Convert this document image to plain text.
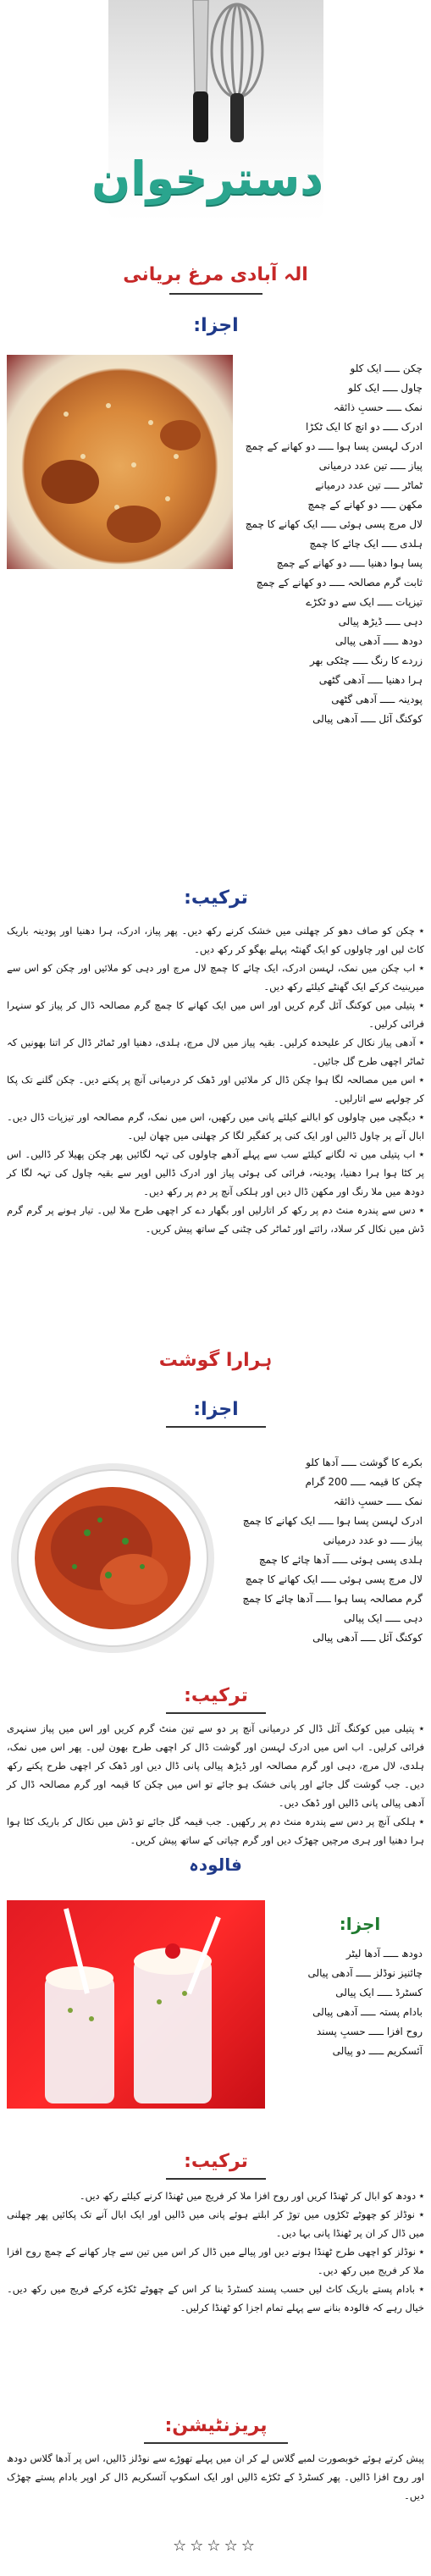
دسترخوان
الہ آبادی مرغ بریانی
اجزا:
چکن ـــــ ایک کلو
چاول ـــــ ایک کلو
نمک ـــــ حسبِ ذائقہ
ادرک ـــــ دو انچ کا ایک ٹکڑا
ادرک لہسن پسا ہوا ـــــ دو کھانے کے چمچ
پیاز ـــــ تین عدد درمیانی
ٹماٹر ـــــ تین عدد درمیانے
مکھن ـــــ دو کھانے کے چمچ
لال مرچ پسی ہوئی ـــــ ایک کھانے کا چمچ
ہلدی ـــــ ایک چائے کا چمچ
پسا ہوا دھنیا ـــــ دو کھانے کے چمچ
ثابت گرم مصالحہ ـــــ دو کھانے کے چمچ
تیزپات ـــــ ایک سے دو ٹکڑے
دہی ـــــ ڈیڑھ پیالی
دودھ ـــــ آدھی پیالی
زردے کا رنگ ـــــ چٹکی بھر
ہرا دھنیا ـــــ آدھی گٹھی
پودینہ ـــــ آدھی گٹھی
کوکنگ آئل ـــــ آدھی پیالی
ترکیب:

٭ چکن کو صاف دھو کر چھلنی میں خشک کرنے رکھ دیں۔ پھر پیاز، ادرک، ہرا دھنیا اور پودینہ باریک کاٹ لیں اور چاولوں کو ایک گھنٹہ پہلے بھگو کر رکھ دیں۔

٭ اب چکن میں نمک، لہسن ادرک، ایک چائے کا چمچ لال مرچ اور دہی کو ملائیں اور چکن کو اس سے میرینیٹ کرکے ایک گھنٹے کیلئے رکھ دیں۔

٭ پتیلی میں کوکنگ آئل گرم کریں اور اس میں ایک کھانے کا چمچ گرم مصالحہ ڈال کر پیاز کو سنہرا فرائی کرلیں۔

٭ آدھی پیاز نکال کر علیحدہ کرلیں۔ بقیہ پیاز میں لال مرچ، ہلدی، دھنیا اور ٹماٹر ڈال کر اتنا بھونیں کہ ٹماٹر اچھی طرح گل جائیں۔

٭ اس میں مصالحہ لگا ہوا چکن ڈال کر ملائیں اور ڈھک کر درمیانی آنچ پر پکنے دیں۔ چکن گلنے تک پکا کر چولہے سے اتارلیں۔

٭ دیگچی میں چاولوں کو ابالنے کیلئے پانی میں رکھیں، اس میں نمک، گرم مصالحہ اور تیزپات ڈال دیں۔ ابال آنے پر چاول ڈالیں اور ایک کنی پر کفگیر لگا کر چھلنی میں چھان لیں۔

٭ اب پتیلی میں تہ لگانے کیلئے سب سے پہلے آدھے چاولوں کی تہہ لگائیں پھر چکن پھیلا کر ڈالیں۔ اس پر کٹا ہوا ہرا دھنیا، پودینہ، فرائی کی ہوئی پیاز اور ادرک ڈالیں اوپر سے بقیہ چاول کی تہہ لگا کر دودھ میں ملا رنگ اور مکھن ڈال دیں اور ہلکی آنچ پر دم پر رکھ دیں۔

٭ دس سے پندرہ منٹ دم پر رکھ کر اتارلیں اور بگھار دے کر اچھی طرح ملا لیں۔ تیار ہونے پر گرم گرم ڈش میں نکال کر سلاد، رائتے اور ٹماٹر کی چٹنی کے ساتھ پیش کریں۔

ہرارا گوشت
اجزا:
بکرے کا گوشت ـــــ آدھا کلو
چکن کا قیمہ ـــــ 200 گرام
نمک ـــــ حسبِ ذائقہ
ادرک لہسن پسا ہوا ـــــ ایک کھانے کا چمچ
پیاز ـــــ دو عدد درمیانی
ہلدی پسی ہوئی ـــــ آدھا چائے کا چمچ
لال مرچ پسی ہوئی ـــــ ایک کھانے کا چمچ
گرم مصالحہ پسا ہوا ـــــ آدھا چائے کا چمچ
دہی ـــــ ایک پیالی
کوکنگ آئل ـــــ آدھی پیالی
ترکیب:

٭ پتیلی میں کوکنگ آئل ڈال کر درمیانی آنچ پر دو سے تین منٹ گرم کریں اور اس میں پیاز سنہری فرائی کرلیں۔ اب اس میں ادرک لہسن اور گوشت ڈال کر اچھی طرح بھون لیں۔ پھر اس میں نمک، ہلدی، لال مرچ، دہی اور گرم مصالحہ اور ڈیڑھ پیالی پانی ڈال دیں اور ڈھک کر اچھی طرح پکنے رکھ دیں۔ جب گوشت گل جائے اور پانی خشک ہو جائے تو اس میں چکن کا قیمہ اور گرم مصالحہ ڈال کر آدھی پیالی پانی ڈالیں اور ڈھک دیں۔

٭ ہلکی آنچ پر دس سے پندرہ منٹ دم پر رکھیں۔ جب قیمہ گل جائے تو ڈش میں نکال کر باریک کٹا ہوا ہرا دھنیا اور ہری مرچیں چھڑک دیں اور گرم چپاتی کے ساتھ پیش کریں۔

فالودہ
اجزا:
دودھ ـــــ آدھا لیٹر
چائنیز نوڈلز ـــــ آدھی پیالی
کسٹرڈ ـــــ ایک پیالی
بادام پستہ ـــــ آدھی پیالی
روح افزا ـــــ حسبِ پسند
آئسکریم ـــــ دو پیالی
ترکیب:

٭ دودھ کو ابال کر ٹھنڈا کریں اور روح افزا ملا کر فریج میں ٹھنڈا کرنے کیلئے رکھ دیں۔

٭ نوڈلز کو چھوٹے ٹکڑوں میں توڑ کر ابلتے ہوئے پانی میں ڈالیں اور ایک ابال آنے تک پکائیں پھر چھلنی میں ڈال کر ان پر ٹھنڈا پانی بہا دیں۔

٭ نوڈلز کو اچھی طرح ٹھنڈا ہونے دیں اور پیالے میں ڈال کر اس میں تین سے چار کھانے کے چمچ روح افزا ملا کر فریج میں رکھ دیں۔

٭ بادام پستے باریک کاٹ لیں حسب پسند کسٹرڈ بنا کر اس کے چھوٹے ٹکڑے کرکے فریج میں رکھ دیں۔ خیال رہے کہ فالودہ بنانے سے پہلے تمام اجزا کو ٹھنڈا کرلیں۔

پریزنٹیشن:

پیش کرتے ہوئے خوبصورت لمبے گلاس لے کر ان میں پہلے تھوڑے سے نوڈلز ڈالیں، اس پر آدھا گلاس دودھ اور روح افزا ڈالیں۔ پھر کسٹرڈ کے ٹکڑے ڈالیں اور ایک اسکوپ آئسکریم ڈال کر اوپر بادام پستے چھڑک دیں۔

☆☆☆☆☆
